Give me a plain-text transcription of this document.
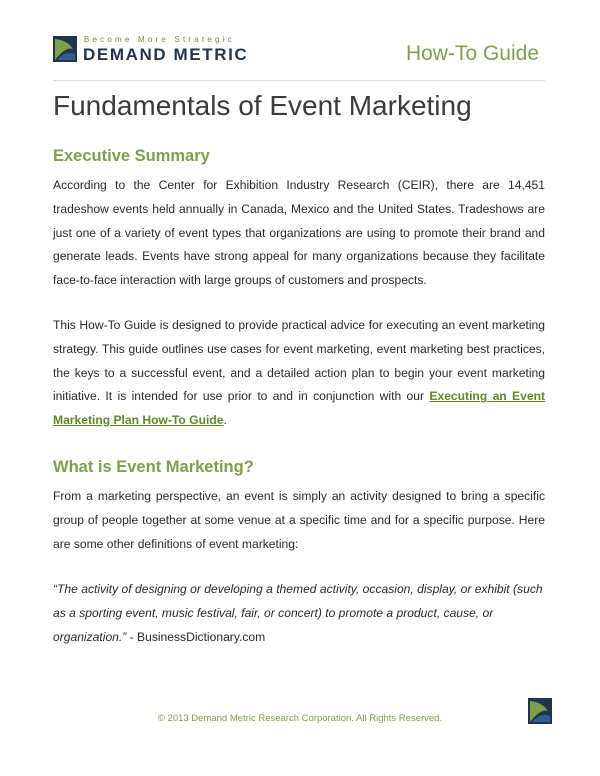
Become More Strategic
DEMAND METRIC	How-To Guide
Fundamentals of Event Marketing
Executive Summary

According to the Center for Exhibition Industry Research (CEIR), there are 14,451 tradeshow events held annually in Canada, Mexico and the United States. Tradeshows are just one of a variety of event types that organizations are using to promote their brand and generate leads. Events have strong appeal for many organizations because they facilitate face-to-face interaction with large groups of customers and prospects.

This How-To Guide is designed to provide practical advice for executing an event marketing strategy. This guide outlines use cases for event marketing, event marketing best practices, the keys to a successful event, and a detailed action plan to begin your event marketing initiative. It is intended for use prior to and in conjunction with our Executing an Event Marketing Plan How-To Guide.

What is Event Marketing?

From a marketing perspective, an event is simply an activity designed to bring a specific group of people together at some venue at a specific time and for a specific purpose. Here are some other definitions of event marketing:

“The activity of designing or developing a themed activity, occasion, display, or exhibit (such as a sporting event, music festival, fair, or concert) to promote a product, cause, or organization.” - BusinessDictionary.com

© 2013 Demand Metric Research Corporation. All Rights Reserved.
